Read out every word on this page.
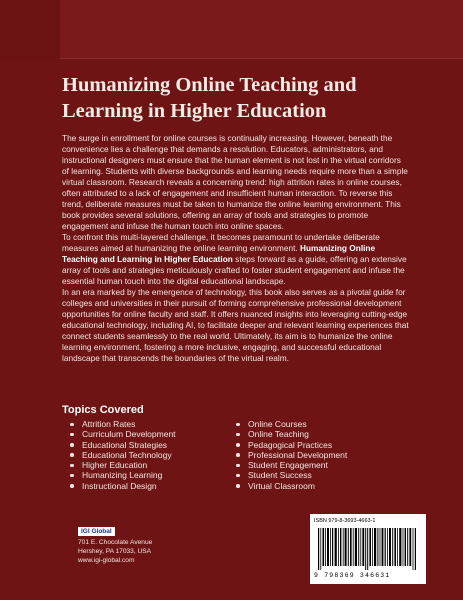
Humanizing Online Teaching and
Learning in Higher Education

The surge in enrollment for online courses is continually increasing. However, beneath the convenience lies a challenge that demands a resolution. Educators, administrators, and instructional designers must ensure that the human element is not lost in the virtual corridors of learning. Students with diverse backgrounds and learning needs require more than a simple virtual classroom. Research reveals a concerning trend: high attrition rates in online courses, often attributed to a lack of engagement and insufficient human interaction. To reverse this trend, deliberate measures must be taken to humanize the online learning environment. This book provides several solutions, offering an array of tools and strategies to promote engagement and infuse the human touch into online spaces.

To confront this multi-layered challenge, it becomes paramount to undertake deliberate measures aimed at humanizing the online learning environment. Humanizing Online Teaching and Learning in Higher Education steps forward as a guide, offering an extensive array of tools and strategies meticulously crafted to foster student engagement and infuse the essential human touch into the digital educational landscape.

In an era marked by the emergence of technology, this book also serves as a pivotal guide for colleges and universities in their pursuit of forming comprehensive professional development opportunities for online faculty and staff. It offers nuanced insights into leveraging cutting-edge educational technology, including AI, to facilitate deeper and relevant learning experiences that connect students seamlessly to the real world. Ultimately, its aim is to humanize the online learning environment, fostering a more inclusive, engaging, and successful educational landscape that transcends the boundaries of the virtual realm.

Topics Covered
Attrition Rates
Curriculum Development
Educational Strategies
Educational Technology
Higher Education
Humanizing Learning
Instructional Design
Online Courses
Online Teaching
Pedagogical Practices
Professional Development
Student Engagement
Student Success
Virtual Classroom
IGI Global
701 E. Chocolate Avenue
Hershey, PA 17033, USA
www.igi-global.com
ISBN 979-8-3693-4663-1
9 798369 346631
